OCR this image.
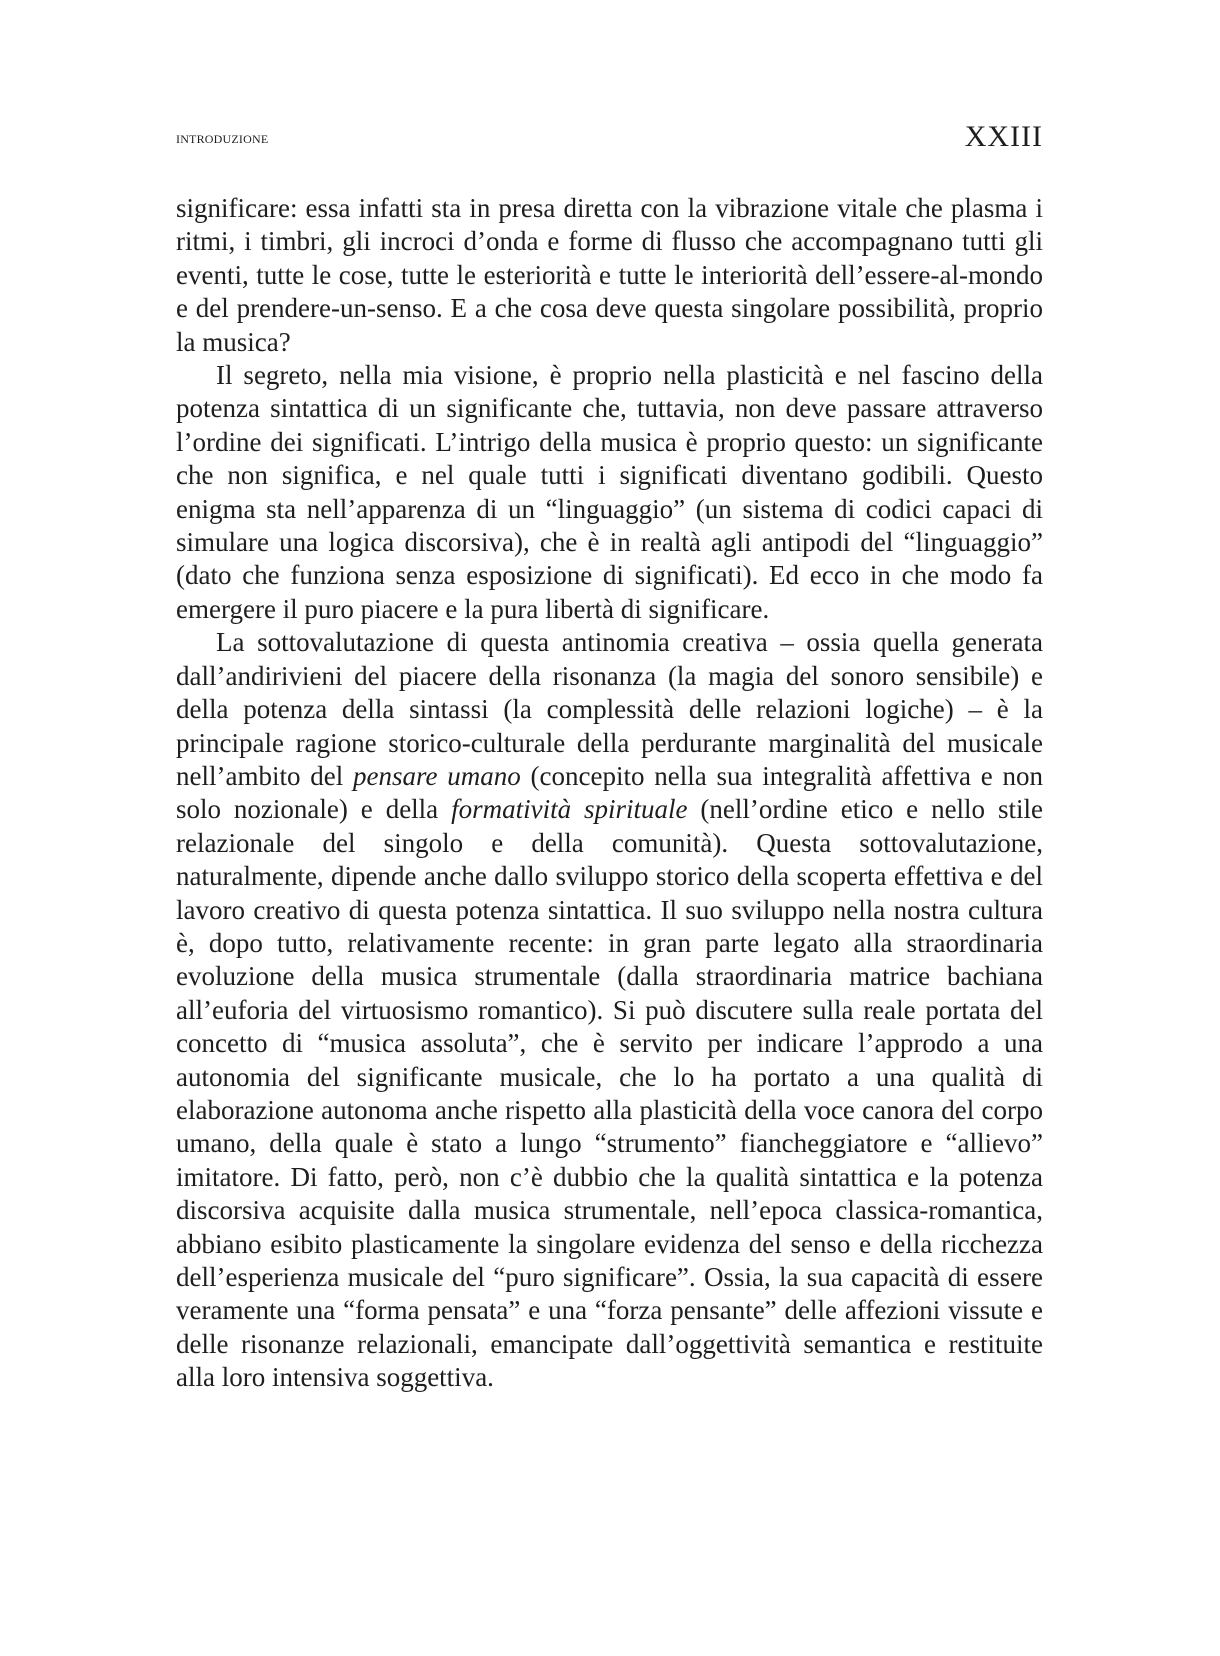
introduzione	XXIII

significare: essa infatti sta in presa diretta con la vibrazione vitale che plasma i ritmi, i timbri, gli incroci d’onda e forme di flusso che accompagnano tutti gli eventi, tutte le cose, tutte le esteriorità e tutte le interiorità dell’essere-al-mondo e del prendere-un-senso. E a che cosa deve questa singolare possibilità, proprio la musica?

Il segreto, nella mia visione, è proprio nella plasticità e nel fascino della potenza sintattica di un significante che, tuttavia, non deve passare attraverso l’ordine dei significati. L’intrigo della musica è proprio questo: un significante che non significa, e nel quale tutti i significati diventano godibili. Questo enigma sta nell’apparenza di un “linguaggio” (un sistema di codici capaci di simulare una logica discorsiva), che è in realtà agli antipodi del “linguaggio” (dato che funziona senza esposizione di significati). Ed ecco in che modo fa emergere il puro piacere e la pura libertà di significare.

La sottovalutazione di questa antinomia creativa – ossia quella generata dall’andirivieni del piacere della risonanza (la magia del sonoro sensibile) e della potenza della sintassi (la complessità delle relazioni logiche) – è la principale ragione storico-culturale della perdurante marginalità del musicale nell’ambito del pensare umano (concepito nella sua integralità affettiva e non solo nozionale) e della formatività spirituale (nell’ordine etico e nello stile relazionale del singolo e della comunità). Questa sottovalutazione, naturalmente, dipende anche dallo sviluppo storico della scoperta effettiva e del lavoro creativo di questa potenza sintattica. Il suo sviluppo nella nostra cultura è, dopo tutto, relativamente recente: in gran parte legato alla straordinaria evoluzione della musica strumentale (dalla straordinaria matrice bachiana all’euforia del virtuosismo romantico). Si può discutere sulla reale portata del concetto di “musica assoluta”, che è servito per indicare l’approdo a una autonomia del significante musicale, che lo ha portato a una qualità di elaborazione autonoma anche rispetto alla plasticità della voce canora del corpo umano, della quale è stato a lungo “strumento” fiancheggiatore e “allievo” imitatore. Di fatto, però, non c’è dubbio che la qualità sintattica e la potenza discorsiva acquisite dalla musica strumentale, nell’epoca classica-romantica, abbiano esibito plasticamente la singolare evidenza del senso e della ricchezza dell’esperienza musicale del “puro significare”. Ossia, la sua capacità di essere veramente una “forma pensata” e una “forza pensante” delle affezioni vissute e delle risonanze relazionali, emancipate dall’oggettività semantica e restituite alla loro intensiva soggettiva.
